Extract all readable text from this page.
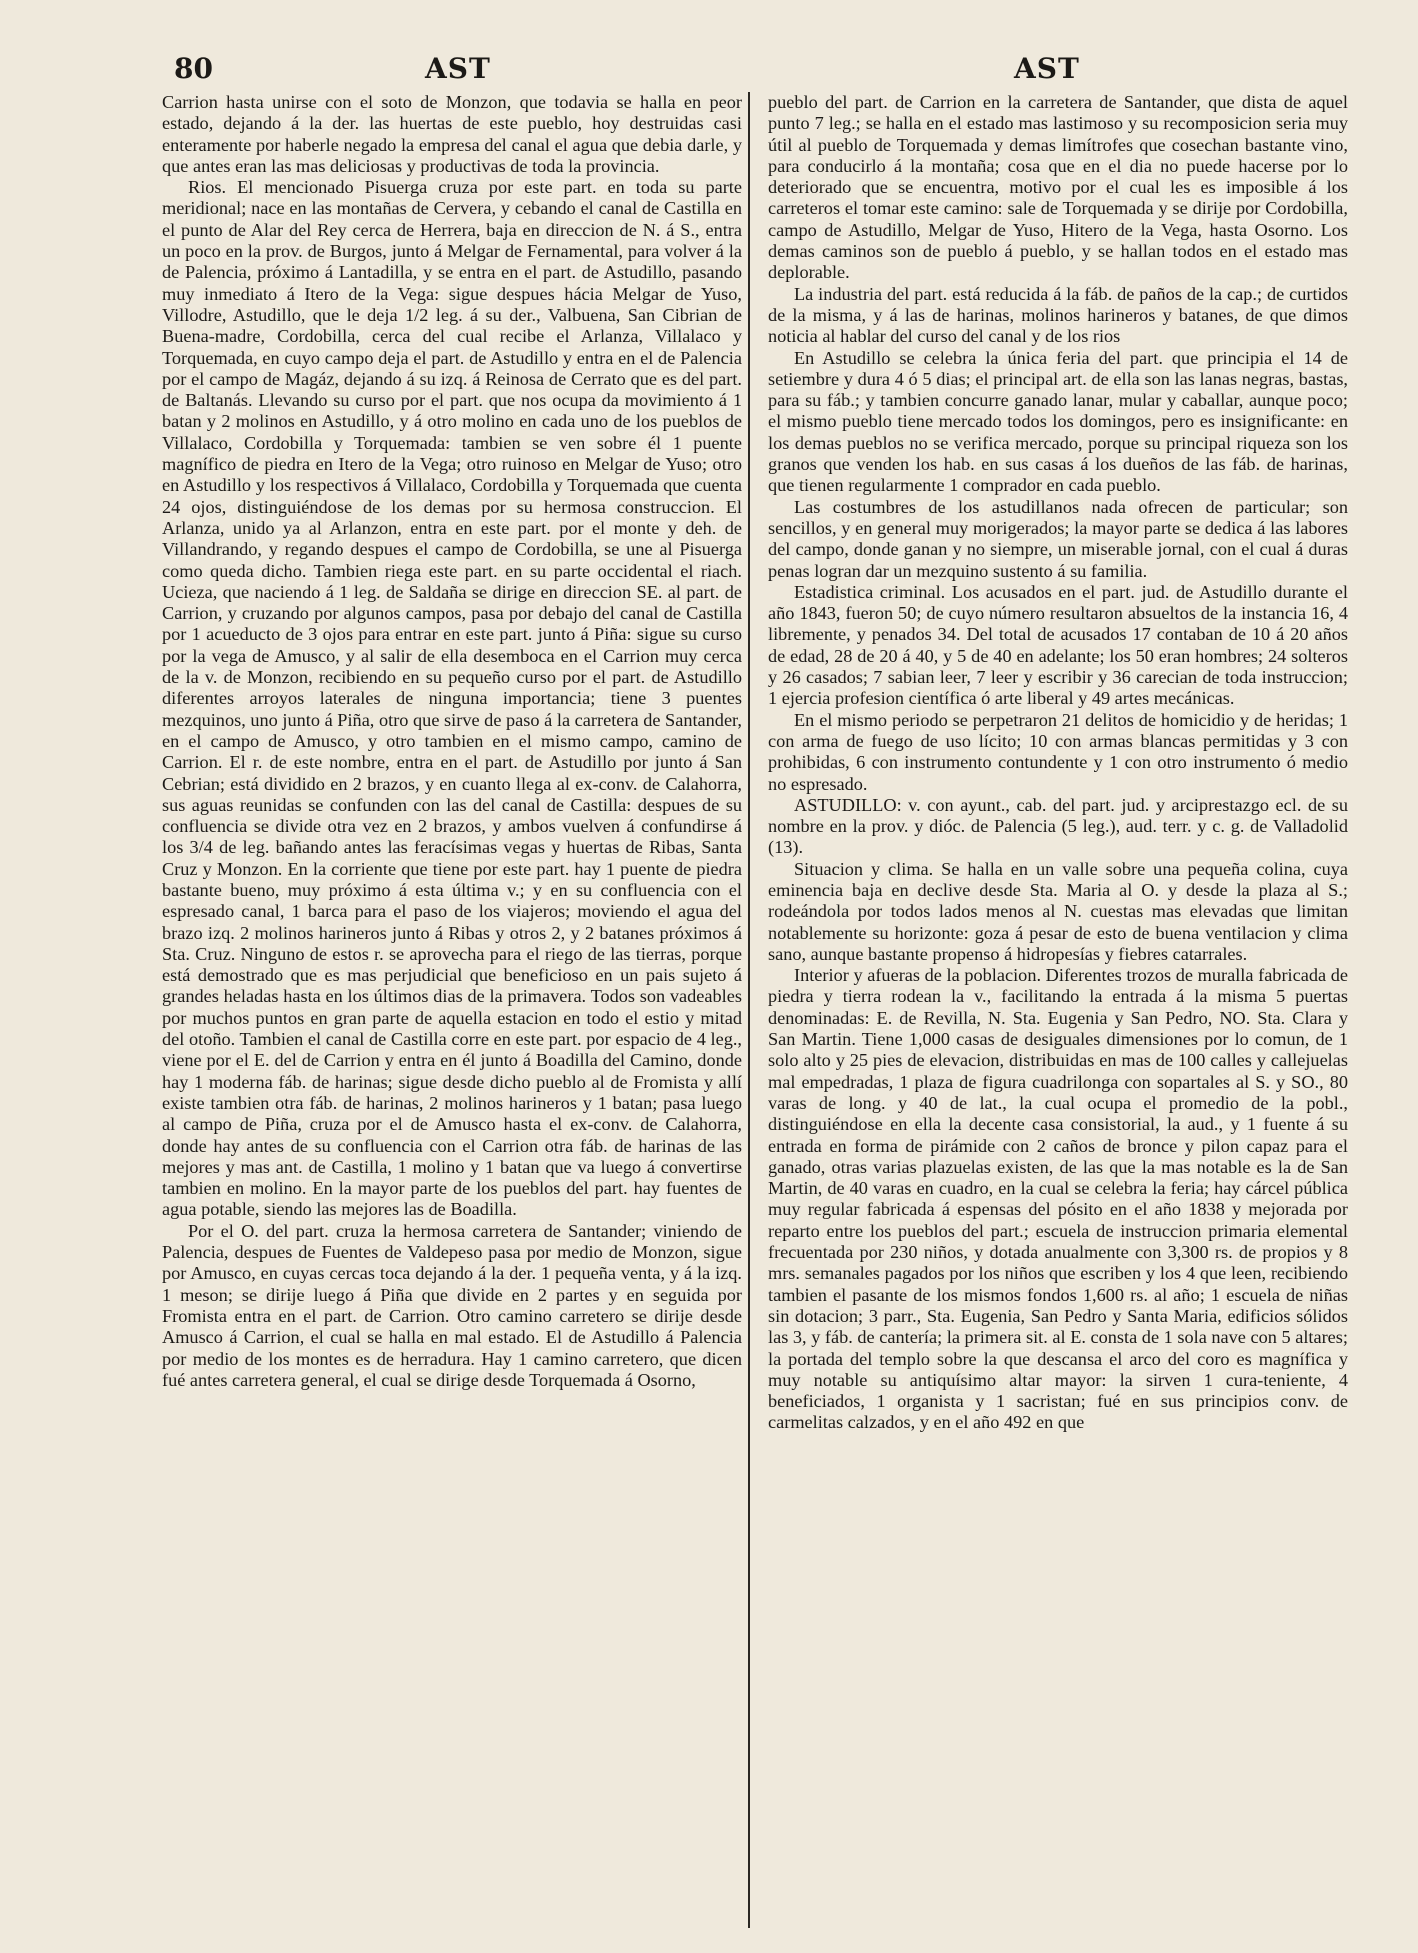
80	AST	AST

Carrion hasta unirse con el soto de Monzon, que todavia se halla en peor estado, dejando á la der. las huertas de este pueblo, hoy destruidas casi enteramente por haberle negado la empresa del canal el agua que debia darle, y que antes eran las mas deliciosas y productivas de toda la provincia.

Rios. El mencionado Pisuerga cruza por este part. en toda su parte meridional; nace en las montañas de Cervera, y cebando el canal de Castilla en el punto de Alar del Rey cerca de Herrera, baja en direccion de N. á S., entra un poco en la prov. de Burgos, junto á Melgar de Fernamental, para volver á la de Palencia, próximo á Lantadilla, y se entra en el part. de Astudillo, pasando muy inmediato á Itero de la Vega: sigue despues hácia Melgar de Yuso, Villodre, Astudillo, que le deja 1/2 leg. á su der., Valbuena, San Cibrian de Buena-madre, Cordobilla, cerca del cual recibe el Arlanza, Villalaco y Torquemada, en cuyo campo deja el part. de Astudillo y entra en el de Palencia por el campo de Magáz, dejando á su izq. á Reinosa de Cerrato que es del part. de Baltanás. Llevando su curso por el part. que nos ocupa da movimiento á 1 batan y 2 molinos en Astudillo, y á otro molino en cada uno de los pueblos de Villalaco, Cordobilla y Torquemada: tambien se ven sobre él 1 puente magnífico de piedra en Itero de la Vega; otro ruinoso en Melgar de Yuso; otro en Astudillo y los respectivos á Villalaco, Cordobilla y Torquemada que cuenta 24 ojos, distinguiéndose de los demas por su hermosa construccion. El Arlanza, unido ya al Arlanzon, entra en este part. por el monte y deh. de Villandrando, y regando despues el campo de Cordobilla, se une al Pisuerga como queda dicho. Tambien riega este part. en su parte occidental el riach. Ucieza, que naciendo á 1 leg. de Saldaña se dirige en direccion SE. al part. de Carrion, y cruzando por algunos campos, pasa por debajo del canal de Castilla por 1 acueducto de 3 ojos para entrar en este part. junto á Piña: sigue su curso por la vega de Amusco, y al salir de ella desemboca en el Carrion muy cerca de la v. de Monzon, recibiendo en su pequeño curso por el part. de Astudillo diferentes arroyos laterales de ninguna importancia; tiene 3 puentes mezquinos, uno junto á Piña, otro que sirve de paso á la carretera de Santander, en el campo de Amusco, y otro tambien en el mismo campo, camino de Carrion. El r. de este nombre, entra en el part. de Astudillo por junto á San Cebrian; está dividido en 2 brazos, y en cuanto llega al ex-conv. de Calahorra, sus aguas reunidas se confunden con las del canal de Castilla: despues de su confluencia se divide otra vez en 2 brazos, y ambos vuelven á confundirse á los 3/4 de leg. bañando antes las feracísimas vegas y huertas de Ribas, Santa Cruz y Monzon. En la corriente que tiene por este part. hay 1 puente de piedra bastante bueno, muy próximo á esta última v.; y en su confluencia con el espresado canal, 1 barca para el paso de los viajeros; moviendo el agua del brazo izq. 2 molinos harineros junto á Ribas y otros 2, y 2 batanes próximos á Sta. Cruz. Ninguno de estos r. se aprovecha para el riego de las tierras, porque está demostrado que es mas perjudicial que beneficioso en un pais sujeto á grandes heladas hasta en los últimos dias de la primavera. Todos son vadeables por muchos puntos en gran parte de aquella estacion en todo el estio y mitad del otoño. Tambien el canal de Castilla corre en este part. por espacio de 4 leg., viene por el E. del de Carrion y entra en él junto á Boadilla del Camino, donde hay 1 moderna fáb. de harinas; sigue desde dicho pueblo al de Fromista y allí existe tambien otra fáb. de harinas, 2 molinos harineros y 1 batan; pasa luego al campo de Piña, cruza por el de Amusco hasta el ex-conv. de Calahorra, donde hay antes de su confluencia con el Carrion otra fáb. de harinas de las mejores y mas ant. de Castilla, 1 molino y 1 batan que va luego á convertirse tambien en molino. En la mayor parte de los pueblos del part. hay fuentes de agua potable, siendo las mejores las de Boadilla.

Por el O. del part. cruza la hermosa carretera de Santander; viniendo de Palencia, despues de Fuentes de Valdepeso pasa por medio de Monzon, sigue por Amusco, en cuyas cercas toca dejando á la der. 1 pequeña venta, y á la izq. 1 meson; se dirije luego á Piña que divide en 2 partes y en seguida por Fromista entra en el part. de Carrion. Otro camino carretero se dirije desde Amusco á Carrion, el cual se halla en mal estado. El de Astudillo á Palencia por medio de los montes es de herradura. Hay 1 camino carretero, que dicen fué antes carretera general, el cual se dirige desde Torquemada á Osorno,

pueblo del part. de Carrion en la carretera de Santander, que dista de aquel punto 7 leg.; se halla en el estado mas lastimoso y su recomposicion seria muy útil al pueblo de Torquemada y demas limítrofes que cosechan bastante vino, para conducirlo á la montaña; cosa que en el dia no puede hacerse por lo deteriorado que se encuentra, motivo por el cual les es imposible á los carreteros el tomar este camino: sale de Torquemada y se dirije por Cordobilla, campo de Astudillo, Melgar de Yuso, Hitero de la Vega, hasta Osorno. Los demas caminos son de pueblo á pueblo, y se hallan todos en el estado mas deplorable.

La industria del part. está reducida á la fáb. de paños de la cap.; de curtidos de la misma, y á las de harinas, molinos harineros y batanes, de que dimos noticia al hablar del curso del canal y de los rios

En Astudillo se celebra la única feria del part. que principia el 14 de setiembre y dura 4 ó 5 dias; el principal art. de ella son las lanas negras, bastas, para su fáb.; y tambien concurre ganado lanar, mular y caballar, aunque poco; el mismo pueblo tiene mercado todos los domingos, pero es insignificante: en los demas pueblos no se verifica mercado, porque su principal riqueza son los granos que venden los hab. en sus casas á los dueños de las fáb. de harinas, que tienen regularmente 1 comprador en cada pueblo.

Las costumbres de los astudillanos nada ofrecen de particular; son sencillos, y en general muy morigerados; la mayor parte se dedica á las labores del campo, donde ganan y no siempre, un miserable jornal, con el cual á duras penas logran dar un mezquino sustento á su familia.

Estadistica criminal. Los acusados en el part. jud. de Astudillo durante el año 1843, fueron 50; de cuyo número resultaron absueltos de la instancia 16, 4 libremente, y penados 34. Del total de acusados 17 contaban de 10 á 20 años de edad, 28 de 20 á 40, y 5 de 40 en adelante; los 50 eran hombres; 24 solteros y 26 casados; 7 sabian leer, 7 leer y escribir y 36 carecian de toda instruccion; 1 ejercia profesion científica ó arte liberal y 49 artes mecánicas.

En el mismo periodo se perpetraron 21 delitos de homicidio y de heridas; 1 con arma de fuego de uso lícito; 10 con armas blancas permitidas y 3 con prohibidas, 6 con instrumento contundente y 1 con otro instrumento ó medio no espresado.

ASTUDILLO: v. con ayunt., cab. del part. jud. y arciprestazgo ecl. de su nombre en la prov. y dióc. de Palencia (5 leg.), aud. terr. y c. g. de Valladolid (13).

Situacion y clima. Se halla en un valle sobre una pequeña colina, cuya eminencia baja en declive desde Sta. Maria al O. y desde la plaza al S.; rodeándola por todos lados menos al N. cuestas mas elevadas que limitan notablemente su horizonte: goza á pesar de esto de buena ventilacion y clima sano, aunque bastante propenso á hidropesías y fiebres catarrales.

Interior y afueras de la poblacion. Diferentes trozos de muralla fabricada de piedra y tierra rodean la v., facilitando la entrada á la misma 5 puertas denominadas: E. de Revilla, N. Sta. Eugenia y San Pedro, NO. Sta. Clara y San Martin. Tiene 1,000 casas de desiguales dimensiones por lo comun, de 1 solo alto y 25 pies de elevacion, distribuidas en mas de 100 calles y callejuelas mal empedradas, 1 plaza de figura cuadrilonga con sopartales al S. y SO., 80 varas de long. y 40 de lat., la cual ocupa el promedio de la pobl., distinguiéndose en ella la decente casa consistorial, la aud., y 1 fuente á su entrada en forma de pirámide con 2 caños de bronce y pilon capaz para el ganado, otras varias plazuelas existen, de las que la mas notable es la de San Martin, de 40 varas en cuadro, en la cual se celebra la feria; hay cárcel pública muy regular fabricada á espensas del pósito en el año 1838 y mejorada por reparto entre los pueblos del part.; escuela de instruccion primaria elemental frecuentada por 230 niños, y dotada anualmente con 3,300 rs. de propios y 8 mrs. semanales pagados por los niños que escriben y los 4 que leen, recibiendo tambien el pasante de los mismos fondos 1,600 rs. al año; 1 escuela de niñas sin dotacion; 3 parr., Sta. Eugenia, San Pedro y Santa Maria, edificios sólidos las 3, y fáb. de cantería; la primera sit. al E. consta de 1 sola nave con 5 altares; la portada del templo sobre la que descansa el arco del coro es magnífica y muy notable su antiquísimo altar mayor: la sirven 1 cura-teniente, 4 beneficiados, 1 organista y 1 sacristan; fué en sus principios conv. de carmelitas calzados, y en el año 492 en que
